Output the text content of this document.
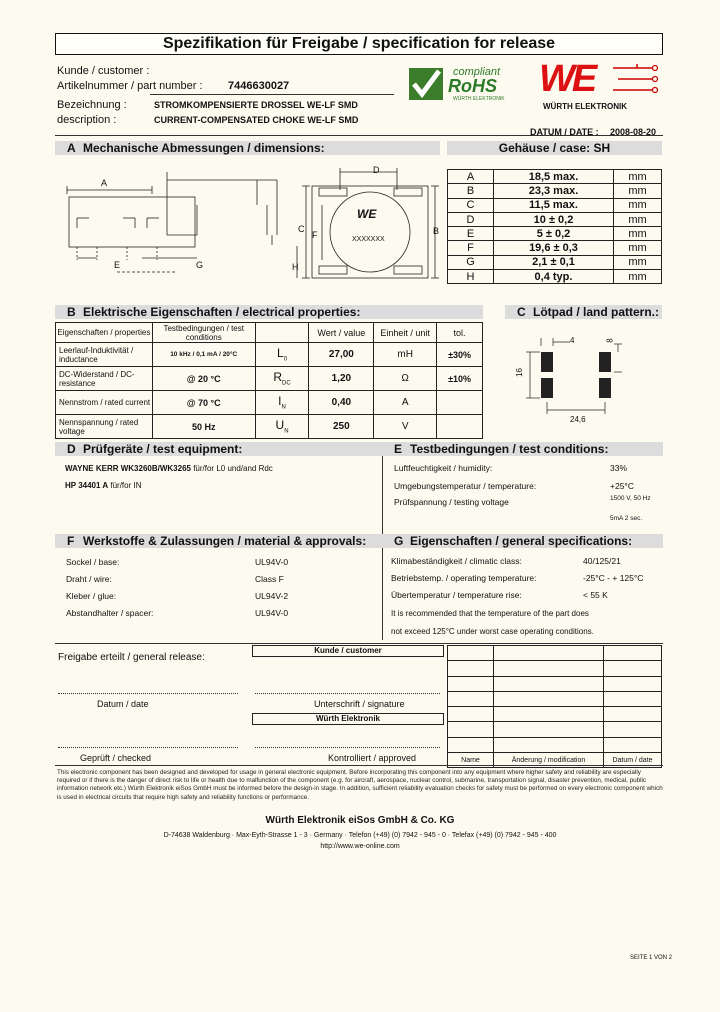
Spezifikation für Freigabe / specification for release
Kunde / customer :
Artikelnummer / part number : 7446630027
Bezeichnung :	STROMKOMPENSIERTE DROSSEL WE-LF SMD
description :	CURRENT-COMPENSATED CHOKE WE-LF SMD
compliant
RoHS
WÜRTH ELEKTRONIK WE
WÜRTH ELEKTRONIK
DATUM / DATE : 2008-08-20
A Mechanische Abmessungen / dimensions:	Gehäuse / case: SH
A
E	G
C
F
H
D
B
WE
XXXXXXX
A	18,5 max.	mm
B	23,3 max.	mm
C	11,5 max.	mm
D	10 ± 0,2	mm
E	5 ± 0,2	mm
F	19,6 ± 0,3	mm
G	2,1 ± 0,1	mm
H	0,4 typ.	mm
B Elektrische Eigenschaften / electrical properties:
Eigenschaften / properties	Testbedingungen / test conditions		Wert / value	Einheit / unit	tol.
Leerlauf-Induktivität / inductance	10 kHz / 0,1 mA / 20°C	$L_0$	27,00	mH	±30%
DC-Widerstand / DC-resistance	@ 20 °C	$R_{DC}$	1,20	Ω	±10%
Nennstrom / rated current	@ 70 °C	$I_N$	0,40	A	
Nennspannung / rated voltage	50 Hz	$U_N$	250	V	
C Lötpad / land pattern.:
4	8
16
24,6
D Prüfgeräte / test equipment:
WAYNE KERR WK3260B/WK3265 für/for L0 und/and Rdc
HP 34401 A für/for IN
E Testbedingungen / test conditions:
Luftfeuchtigkeit / humidity:	33%
Umgebungstemperatur / temperature:	+25°C
Prüfspannung / testing voltage	1500 V, 50 Hz
5mA 2 sec.
F Werkstoffe & Zulassungen / material & approvals:
Sockel / base:	UL94V-0
Draht / wire:	Class F
Kleber / glue:	UL94V-2
Abstandhalter / spacer:	UL94V-0
G Eigenschaften / general specifications:
Klimabeständigkeit / climatic class:	40/125/21
Betriebstemp. / operating temperature:	-25°C - + 125°C
Übertemperatur / temperature rise:	< 55 K
It is recommended that the temperature of the part does
not exceed 125°C under worst case operating conditions.
Freigabe erteilt / general release:
Datum / date
Geprüft / checked
Kunde / customer
Unterschrift / signature
Würth Elektronik
Kontrolliert / approved

			Name	Änderung / modification	Datum / date
This electronic component has been designed and developed for usage in general electronic equipment. Before incorporating this component into any equipment where higher safety and reliability are especially required or if there is the danger of direct risk to life or health due to malfunction of the component (e.g. for aircraft, aerospace, nuclear control, submarine, transportation signal, disaster prevention, medical, public information network etc.) Würth Elektronik eiSos GmbH must be informed before the design-in stage. In addition, sufficient reliability evaluation checks for safety must be performed on every electronic component which is used in electrical circuits that require high safety and reliability functions or performance.
Würth Elektronik eiSos GmbH & Co. KG
D-74638 Waldenburg · Max-Eyth-Strasse 1 - 3 · Germany · Telefon (+49) (0) 7942 - 945 - 0 · Telefax (+49) (0) 7942 - 945 - 400
http://www.we-online.com
SEITE 1 VON 2
